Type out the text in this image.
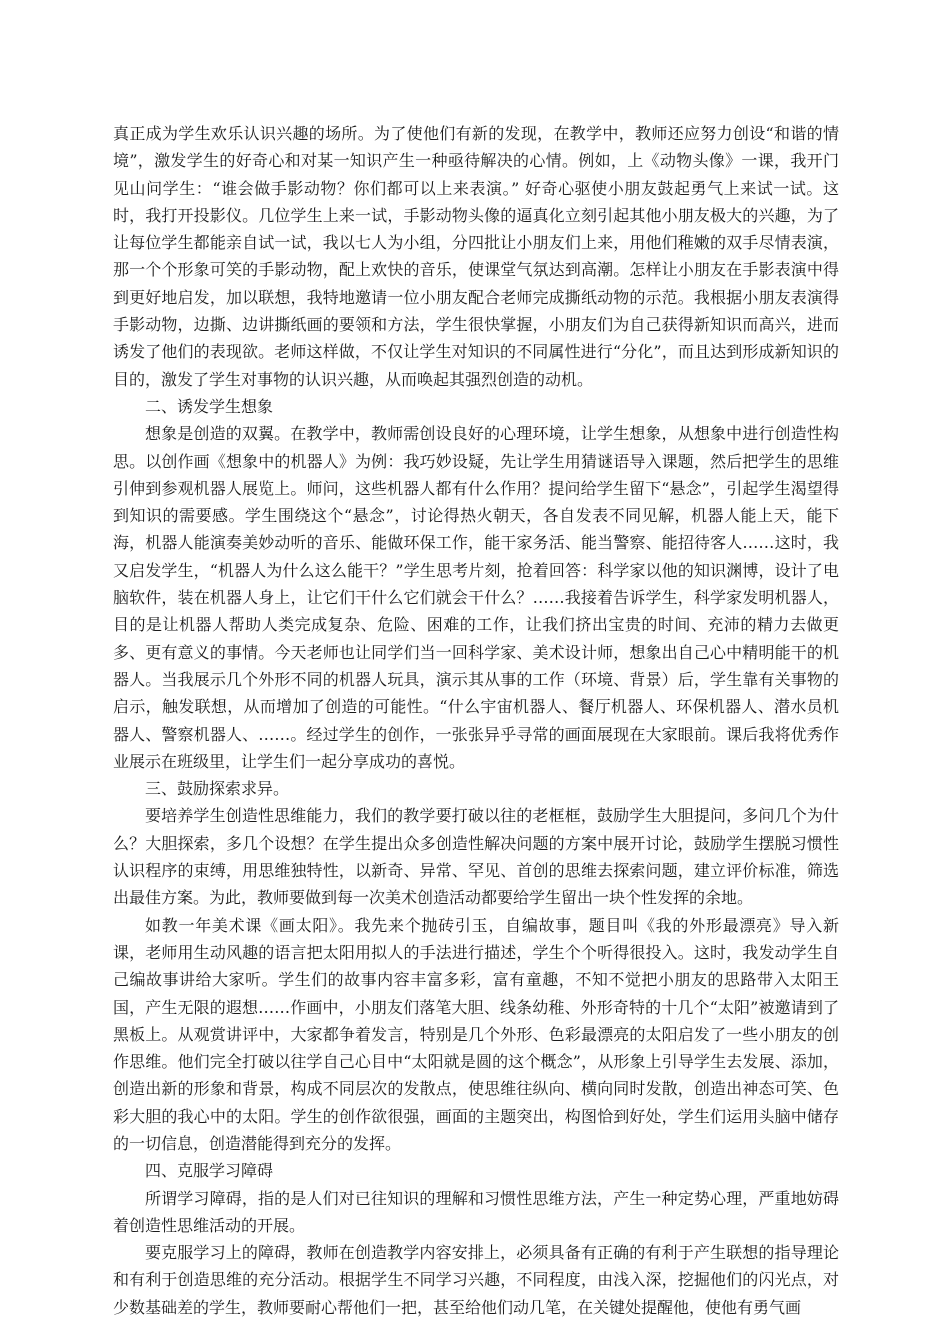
真正成为学生欢乐认识兴趣的场所。为了使他们有新的发现，在教学中，教师还应努力创设“和谐的情境”，激发学生的好奇心和对某一知识产生一种亟待解决的心情。例如，上《动物头像》一课，我开门见山问学生：“谁会做手影动物？你们都可以上来表演。” 好奇心驱使小朋友鼓起勇气上来试一试。这时，我打开投影仪。几位学生上来一试，手影动物头像的逼真化立刻引起其他小朋友极大的兴趣，为了让每位学生都能亲自试一试，我以七人为小组，分四批让小朋友们上来，用他们稚嫩的双手尽情表演，那一个个形象可笑的手影动物，配上欢快的音乐，使课堂气氛达到高潮。怎样让小朋友在手影表演中得到更好地启发，加以联想，我特地邀请一位小朋友配合老师完成撕纸动物的示范。我根据小朋友表演得手影动物，边撕、边讲撕纸画的要领和方法，学生很快掌握，小朋友们为自己获得新知识而高兴，进而诱发了他们的表现欲。老师这样做，不仅让学生对知识的不同属性进行“分化”，而且达到形成新知识的目的，激发了学生对事物的认识兴趣，从而唤起其强烈创造的动机。

二、诱发学生想象

想象是创造的双翼。在教学中，教师需创设良好的心理环境，让学生想象，从想象中进行创造性构思。以创作画《想象中的机器人》为例：我巧妙设疑，先让学生用猜谜语导入课题，然后把学生的思维引伸到参观机器人展览上。师问，这些机器人都有什么作用？提问给学生留下“悬念”，引起学生渴望得到知识的需要感。学生围绕这个“悬念”，讨论得热火朝天，各自发表不同见解，机器人能上天，能下海，机器人能演奏美妙动听的音乐、能做环保工作，能干家务活、能当警察、能招待客人……这时，我又启发学生，“机器人为什么这么能干？”学生思考片刻，抢着回答：科学家以他的知识渊博，设计了电脑软件，装在机器人身上，让它们干什么它们就会干什么？……我接着告诉学生，科学家发明机器人，目的是让机器人帮助人类完成复杂、危险、困难的工作，让我们挤出宝贵的时间、充沛的精力去做更多、更有意义的事情。今天老师也让同学们当一回科学家、美术设计师，想象出自己心中精明能干的机器人。当我展示几个外形不同的机器人玩具，演示其从事的工作（环境、背景）后，学生靠有关事物的启示，触发联想，从而增加了创造的可能性。“什么宇宙机器人、餐厅机器人、环保机器人、潜水员机器人、警察机器人、……。经过学生的创作，一张张异乎寻常的画面展现在大家眼前。课后我将优秀作业展示在班级里，让学生们一起分享成功的喜悦。

三、鼓励探索求异。

要培养学生创造性思维能力，我们的教学要打破以往的老框框，鼓励学生大胆提问，多问几个为什么？大胆探索，多几个设想？在学生提出众多创造性解决问题的方案中展开讨论，鼓励学生摆脱习惯性认识程序的束缚，用思维独特性，以新奇、异常、罕见、首创的思维去探索问题，建立评价标准，筛选出最佳方案。为此，教师要做到每一次美术创造活动都要给学生留出一块个性发挥的余地。

如教一年美术课《画太阳》。我先来个抛砖引玉，自编故事，题目叫《我的外形最漂亮》导入新课，老师用生动风趣的语言把太阳用拟人的手法进行描述，学生个个听得很投入。这时，我发动学生自己编故事讲给大家听。学生们的故事内容丰富多彩，富有童趣，不知不觉把小朋友的思路带入太阳王国，产生无限的遐想……作画中，小朋友们落笔大胆、线条幼稚、外形奇特的十几个“太阳”被邀请到了黑板上。从观赏讲评中，大家都争着发言，特别是几个外形、色彩最漂亮的太阳启发了一些小朋友的创作思维。他们完全打破以往学自己心目中“太阳就是圆的这个概念”，从形象上引导学生去发展、添加，创造出新的形象和背景，构成不同层次的发散点，使思维往纵向、横向同时发散，创造出神态可笑、色彩大胆的我心中的太阳。学生的创作欲很强，画面的主题突出，构图恰到好处，学生们运用头脑中储存的一切信息，创造潜能得到充分的发挥。

四、克服学习障碍

所谓学习障碍，指的是人们对已往知识的理解和习惯性思维方法，产生一种定势心理，严重地妨碍着创造性思维活动的开展。

要克服学习上的障碍，教师在创造教学内容安排上，必须具备有正确的有利于产生联想的指导理论和有利于创造思维的充分活动。根据学生不同学习兴趣，不同程度，由浅入深，挖掘他们的闪光点，对少数基础差的学生，教师要耐心帮他们一把，甚至给他们动几笔，在关键处提醒他，使他有勇气画
